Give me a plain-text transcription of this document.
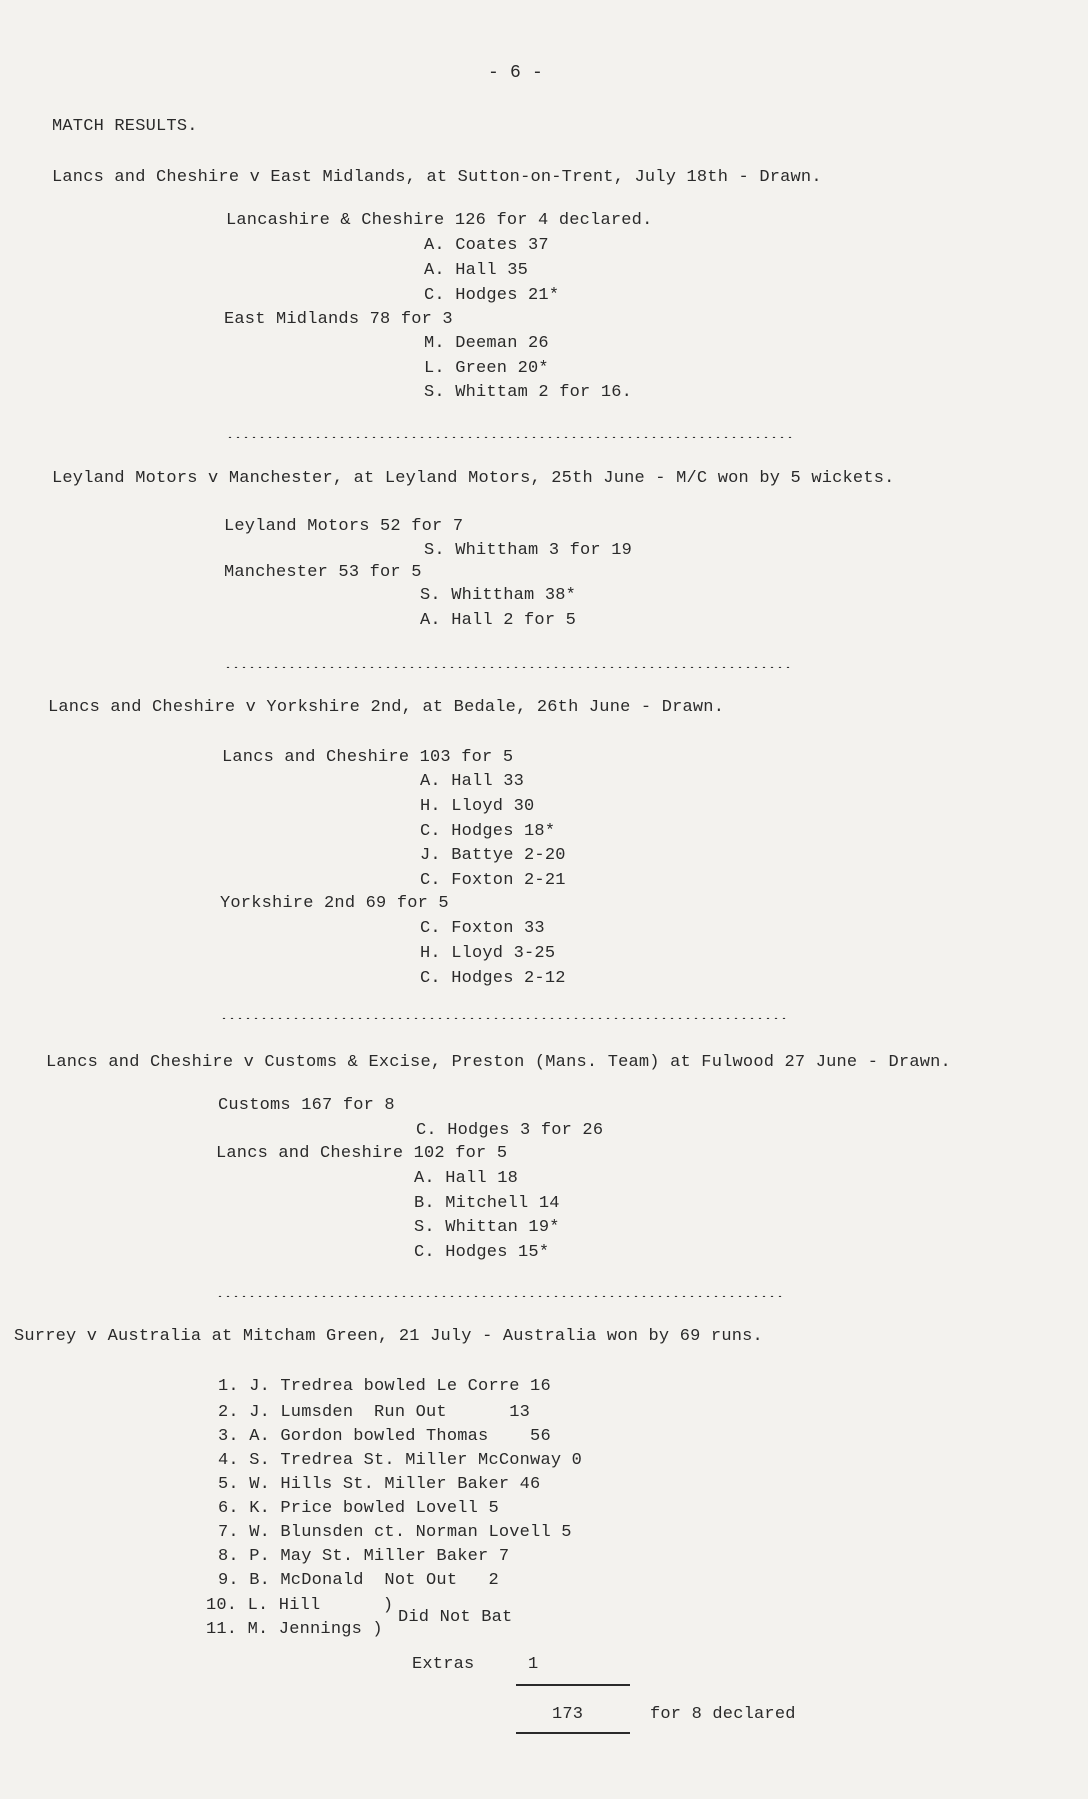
- 6 -
MATCH RESULTS.
Lancs and Cheshire v East Midlands, at Sutton-on-Trent, July 18th - Drawn.
Lancashire & Cheshire 126 for 4 declared.
A. Coates 37
A. Hall 35
C. Hodges 21*
East Midlands 78 for 3
M. Deeman 26
L. Green 20*
S. Whittam 2 for 16.
Leyland Motors v Manchester, at Leyland Motors, 25th June - M/C won by 5 wickets.
Leyland Motors 52 for 7
S. Whittham 3 for 19
Manchester 53 for 5
S. Whittham 38*
A. Hall 2 for 5
Lancs and Cheshire v Yorkshire 2nd, at Bedale, 26th June - Drawn.
Lancs and Cheshire 103 for 5
A. Hall 33
H. Lloyd 30
C. Hodges 18*
J. Battye 2-20
C. Foxton 2-21
Yorkshire 2nd 69 for 5
C. Foxton 33
H. Lloyd 3-25
C. Hodges 2-12
Lancs and Cheshire v Customs & Excise, Preston (Mans. Team) at Fulwood 27 June - Drawn.
Customs 167 for 8
C. Hodges 3 for 26
Lancs and Cheshire 102 for 5
A. Hall 18
B. Mitchell 14
S. Whittan 19*
C. Hodges 15*
Surrey v Australia at Mitcham Green, 21 July - Australia won by 69 runs.
1. J. Tredrea bowled Le Corre 16
2. J. Lumsden  Run Out      13
3. A. Gordon bowled Thomas    56
4. S. Tredrea St. Miller McConway 0
5. W. Hills St. Miller Baker 46
6. K. Price bowled Lovell 5
7. W. Blunsden ct. Norman Lovell 5
8. P. May St. Miller Baker 7
9. B. McDonald  Not Out   2
10. L. Hill      )
11. M. Jennings )
Did Not Bat
Extras	1
173	for 8 declared
